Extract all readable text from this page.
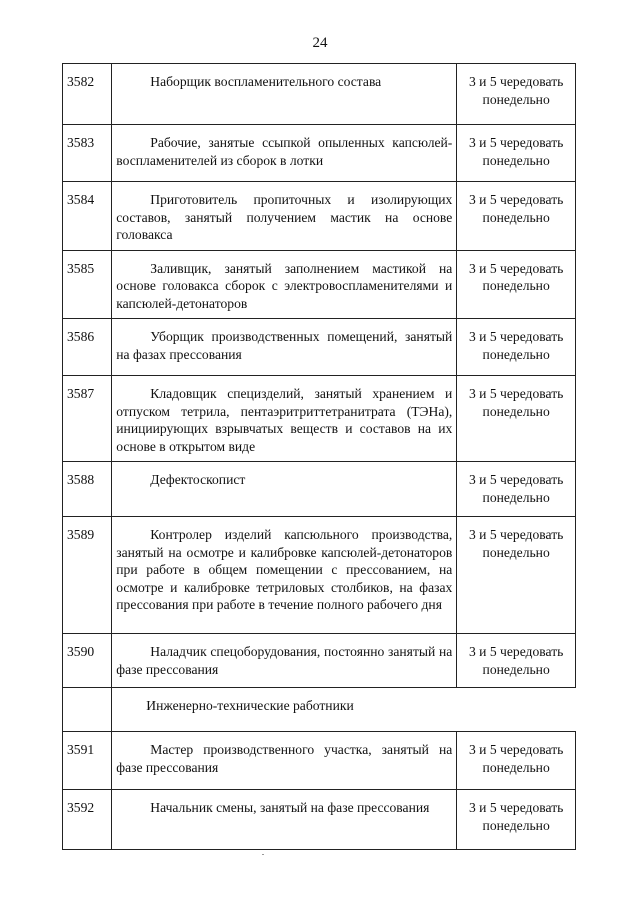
24
3582	Наборщик воспламенительного состава	3 и 5 чередовать понедельно
3583	Рабочие, занятые ссыпкой опыленных капсюлей-воспламенителей из сборок в лотки	3 и 5 чередовать понедельно
3584	Приготовитель пропиточных и изолирующих составов, занятый получением мастик на основе головакса	3 и 5 чередовать понедельно
3585	Заливщик, занятый заполнением мастикой на основе головакса сборок с электровоспламенителями и капсюлей-детонаторов	3 и 5 чередовать понедельно
3586	Уборщик производственных помещений, занятый на фазах прессования	3 и 5 чередовать понедельно
3587	Кладовщик специзделий, занятый хранением и отпуском тетрила, пентаэритриттетранитрата (ТЭНа), инициирующих взрывчатых веществ и составов на их основе в открытом виде	3 и 5 чередовать понедельно
3588	Дефектоскопист	3 и 5 чередовать понедельно
3589	Контролер изделий капсюльного производства, занятый на осмотре и калибровке капсюлей-детонаторов при работе в общем помещении с прессованием, на осмотре и калибровке тетриловых столбиков, на фазах прессования при работе в течение полного рабочего дня	3 и 5 чередовать понедельно
3590	Наладчик спецоборудования, постоянно занятый на фазе прессования	3 и 5 чередовать понедельно
	Инженерно-технические работники	
3591	Мастер производственного участка, занятый на фазе прессования	3 и 5 чередовать понедельно
3592	Начальник смены, занятый на фазе прессования	3 и 5 чередовать понедельно
